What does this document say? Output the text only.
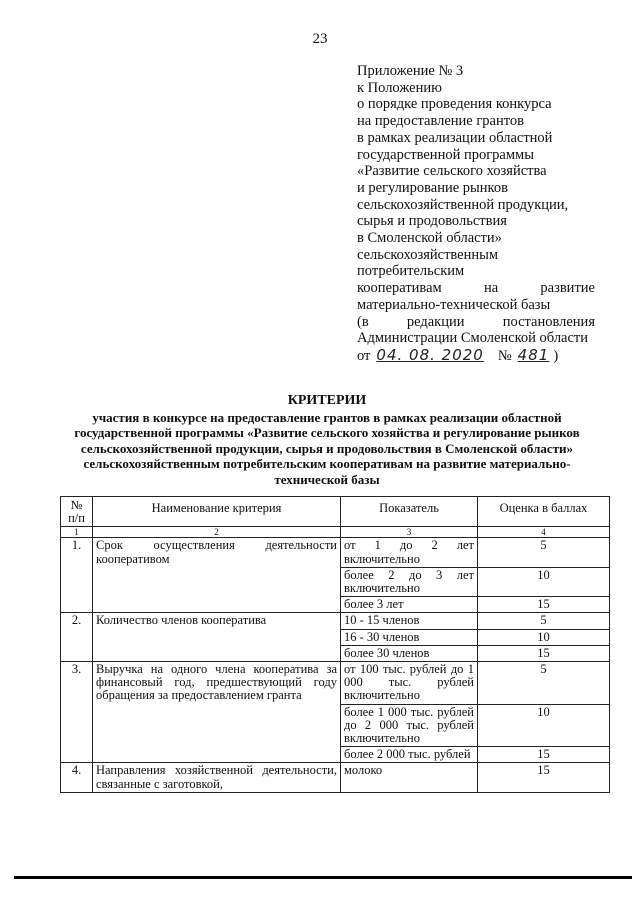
23
Приложение № 3
к Положению
о порядке проведения конкурса
на предоставление грантов
в рамках реализации областной
государственной программы
«Развитие сельского хозяйства
и регулирование рынков
сельскохозяйственной продукции,
сырья и продовольствия
в Смоленской области»
сельскохозяйственным
потребительским
кооперативам	на	развитие
материально-технической базы
(в	редакции	постановления
Администрации Смоленской области
от 04. 08. 2020 № 481 )
КРИТЕРИИ
участия в конкурсе на предоставление грантов в рамках реализации областной
государственной программы «Развитие сельского хозяйства и регулирование рынков
сельскохозяйственной продукции, сырья и продовольствия в Смоленской области»
сельскохозяйственным потребительским кооперативам на развитие материально-
технической базы
№ п/п	Наименование критерия	Показатель	Оценка в баллах
1	2	3	4
1.	Срок осуществления деятельности кооперативом	от 1 до 2 лет включительно	5
		более 2 до 3 лет включительно	10
		более 3 лет	15
2.	Количество членов кооператива	10 - 15 членов	5
		16 - 30 членов	10
		более 30 членов	15
3.	Выручка на одного члена кооператива за финансовый год, предшествующий году обращения за предоставлением гранта	от 100 тыс. рублей до 1 000 тыс. рублей включительно	5
		более 1 000 тыс. рублей до 2 000 тыс. рублей включительно	10
		более 2 000 тыс. рублей	15
4.	Направления хозяйственной деятельности, связанные с заготовкой,	молоко	15
